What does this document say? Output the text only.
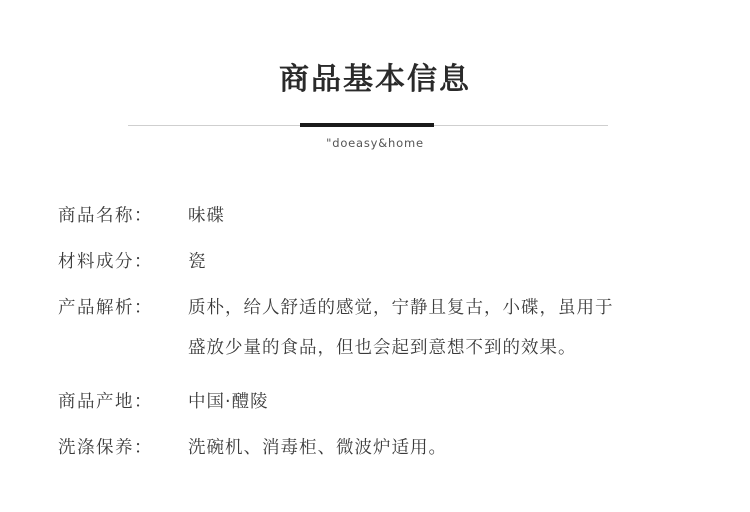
商品基本信息
"doeasy&home
商品名称：	味碟
材料成分：	瓷
产品解析：	质朴，给人舒适的感觉，宁静且复古，小碟，虽用于
盛放少量的食品，但也会起到意想不到的效果。
商品产地：	中国·醴陵
洗涤保养：	洗碗机、消毒柜、微波炉适用。
